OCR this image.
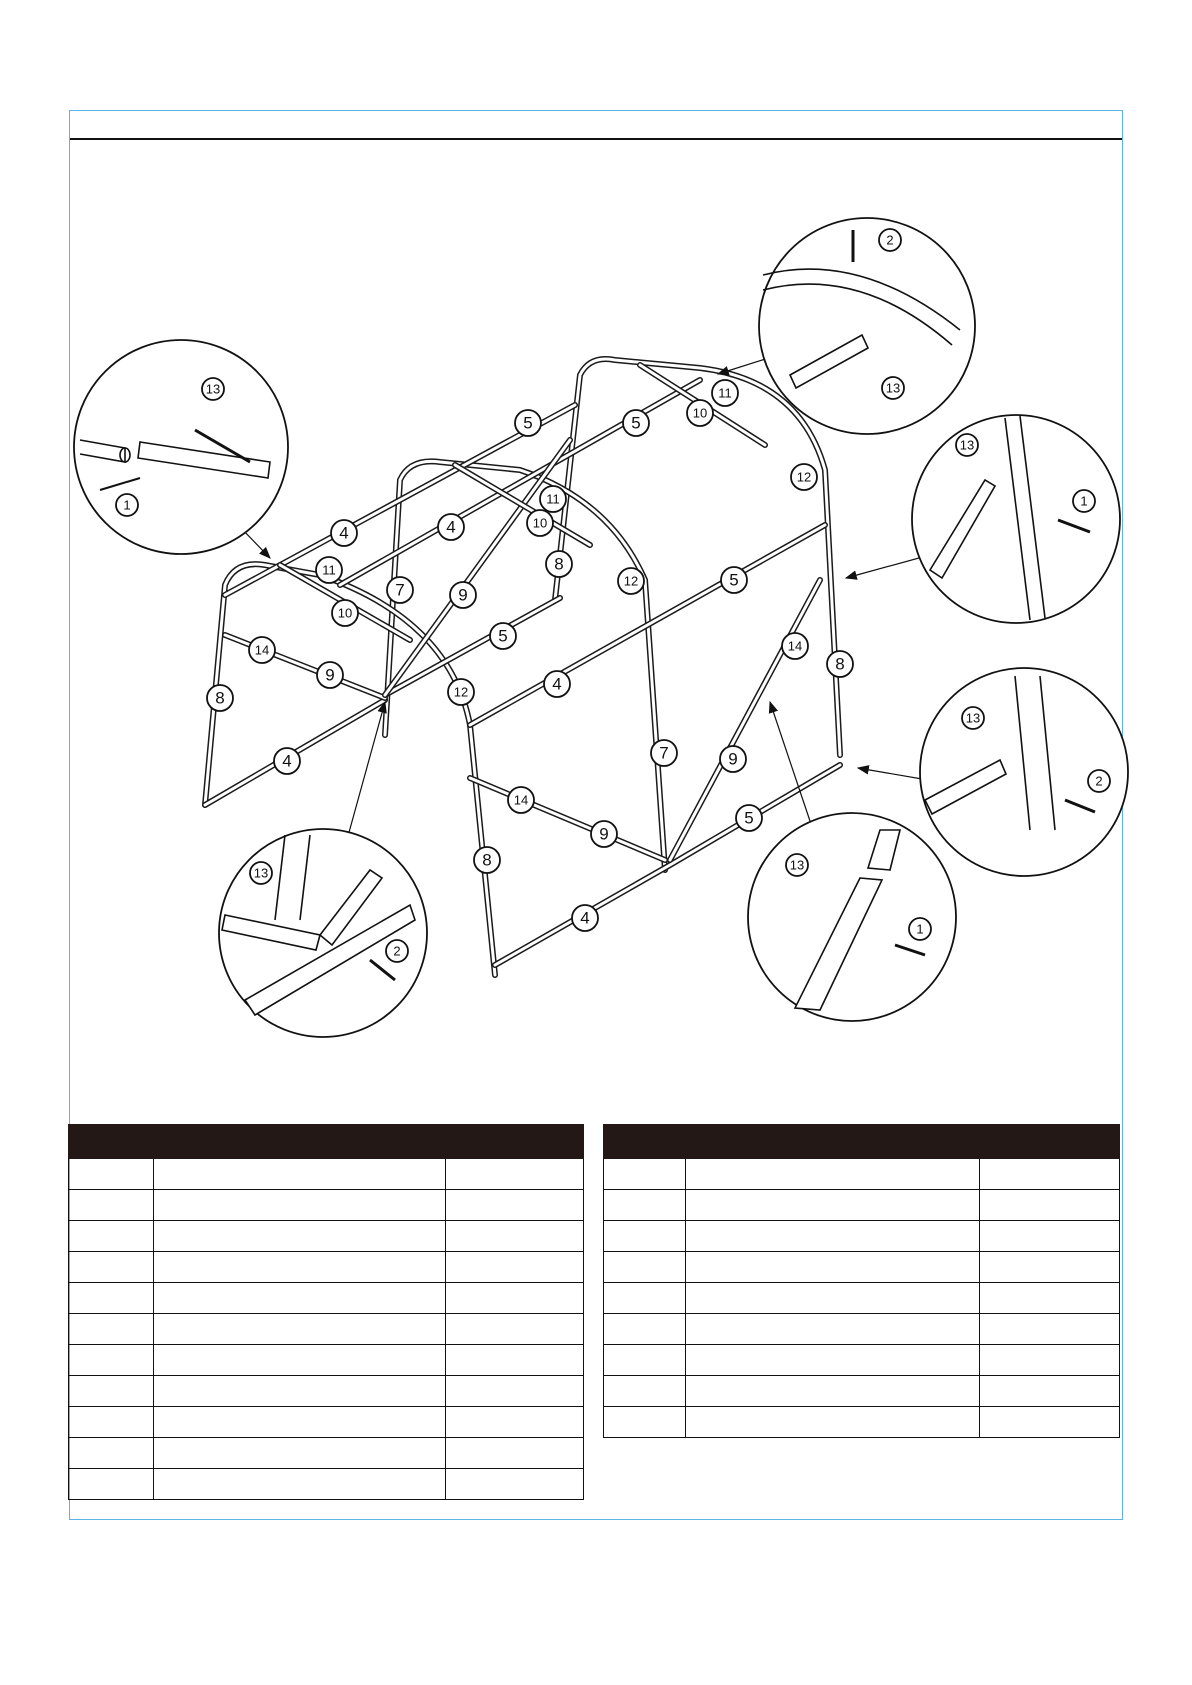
5	5
11
10
12
4	4
11
10
8
12	5
11
7	9
10
5
14	14
9
8	12	4
8
4	7	9
14
5
9
8
4
13
1
2
13
13
1
13
2
13
1
13
2
